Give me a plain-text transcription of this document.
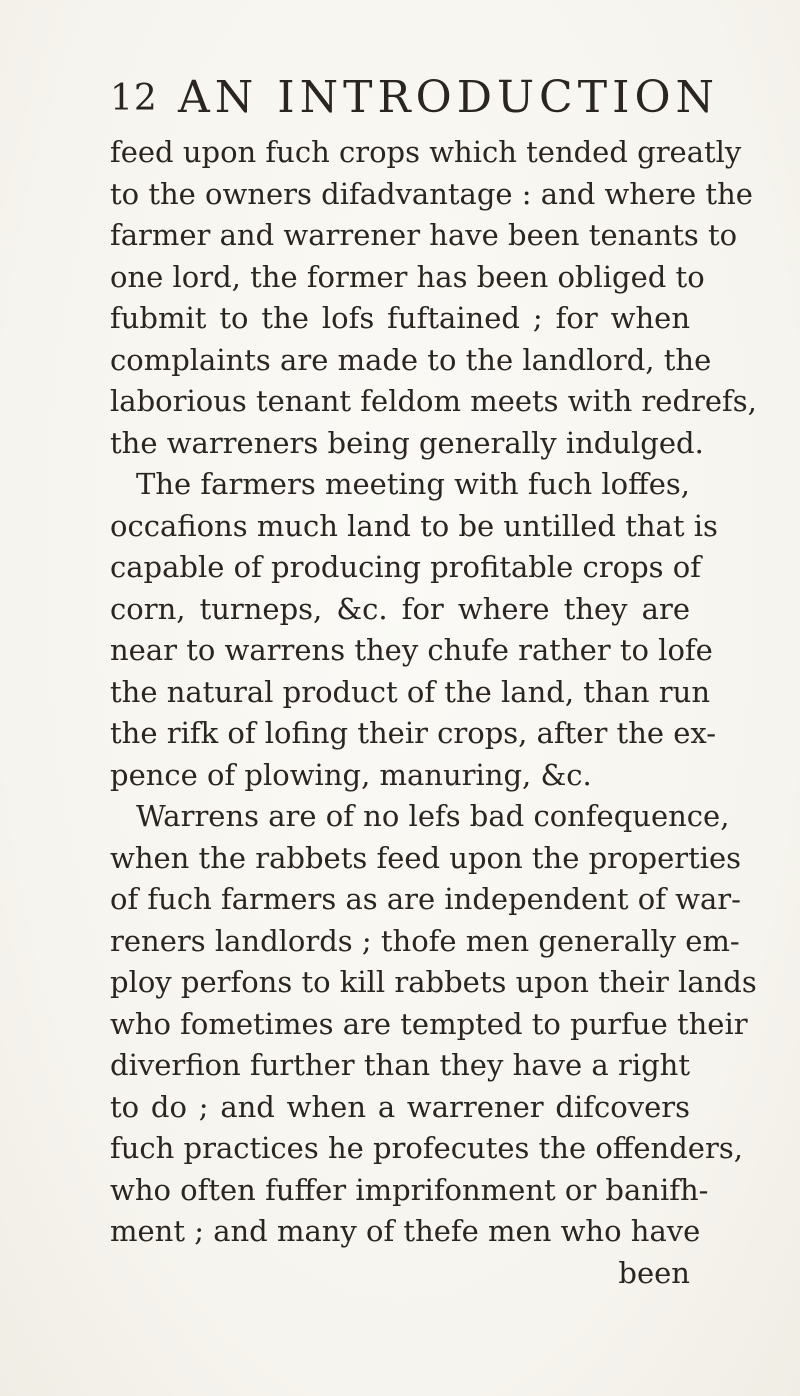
12 AN INTRODUCTION
feed upon fuch crops which tended greatly
to the owners difadvantage : and where the
farmer and warrener have been tenants to
one lord, the former has been obliged to
fubmit to the lofs fuftained ; for when
complaints are made to the landlord, the
laborious tenant feldom meets with redrefs,
the warreners being generally indulged.
The farmers meeting with fuch loffes,
occafions much land to be untilled that is
capable of producing profitable crops of
corn, turneps, &c. for where they are
near to warrens they chufe rather to lofe
the natural product of the land, than run
the rifk of lofing their crops, after the ex-
pence of plowing, manuring, &c.
Warrens are of no lefs bad confequence,
when the rabbets feed upon the properties
of fuch farmers as are independent of war-
reners landlords ; thofe men generally em-
ploy perfons to kill rabbets upon their lands
who fometimes are tempted to purfue their
diverfion further than they have a right
to do ; and when a warrener difcovers
fuch practices he profecutes the offenders,
who often fuffer imprifonment or banifh-
ment ; and many of thefe men who have
been
